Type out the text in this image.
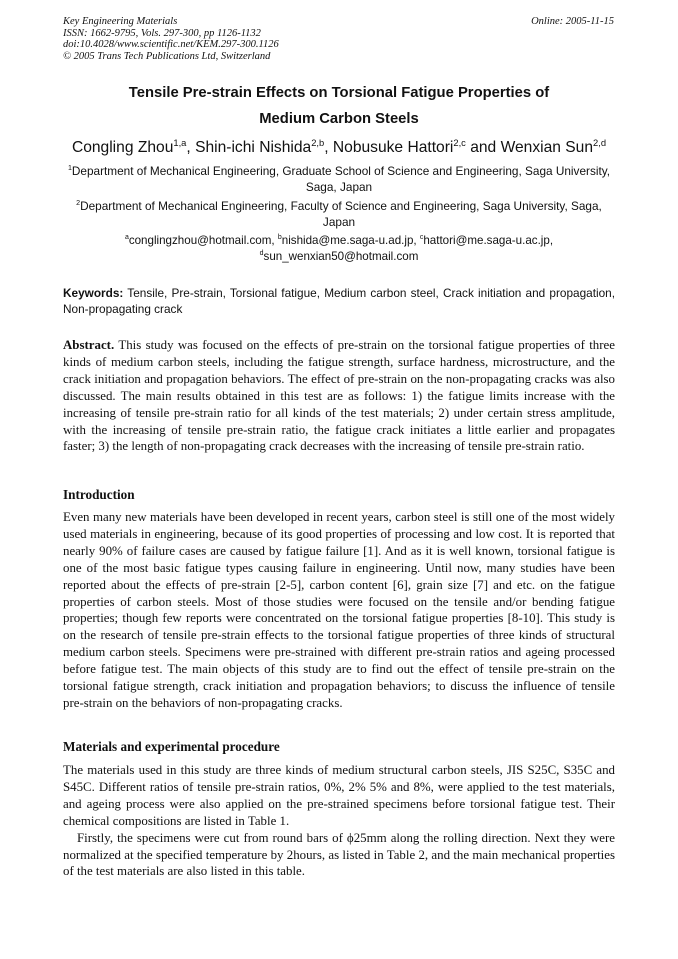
Key Engineering Materials
ISSN: 1662-9795, Vols. 297-300, pp 1126-1132
doi:10.4028/www.scientific.net/KEM.297-300.1126
© 2005 Trans Tech Publications Ltd, Switzerland
Online: 2005-11-15
Tensile Pre-strain Effects on Torsional Fatigue Properties of
Medium Carbon Steels
Congling Zhou$^{1,a}$, Shin-ichi Nishida$^{2,b}$, Nobusuke Hattori$^{2,c}$ and Wenxian Sun$^{2,d}$
$^1$Department of Mechanical Engineering, Graduate School of Science and Engineering, Saga University, Saga, Japan
$^2$Department of Mechanical Engineering, Faculty of Science and Engineering, Saga University, Saga, Japan
$^a$conglingzhou@hotmail.com, $^b$nishida@me.saga-u.ad.jp, $^c$hattori@me.saga-u.ac.jp,
$^d$sun_wenxian50@hotmail.com
Keywords: Tensile, Pre-strain, Torsional fatigue, Medium carbon steel, Crack initiation and propagation, Non-propagating crack
Abstract. This study was focused on the effects of pre-strain on the torsional fatigue properties of three kinds of medium carbon steels, including the fatigue strength, surface hardness, microstructure, and the crack initiation and propagation behaviors. The effect of pre-strain on the non-propagating cracks was also discussed. The main results obtained in this test are as follows: 1) the fatigue limits increase with the increasing of tensile pre-strain ratio for all kinds of the test materials; 2) under certain stress amplitude, with the increasing of tensile pre-strain ratio, the fatigue crack initiates a little earlier and propagates faster; 3) the length of non-propagating crack decreases with the increasing of tensile pre-strain ratio.
Introduction
Even many new materials have been developed in recent years, carbon steel is still one of the most widely used materials in engineering, because of its good properties of processing and low cost. It is reported that nearly 90% of failure cases are caused by fatigue failure [1]. And as it is well known, torsional fatigue is one of the most basic fatigue types causing failure in engineering. Until now, many studies have been reported about the effects of pre-strain [2-5], carbon content [6], grain size [7] and etc. on the fatigue properties of carbon steels. Most of those studies were focused on the tensile and/or bending fatigue properties; though few reports were concentrated on the torsional fatigue properties [8-10]. This study is on the research of tensile pre-strain effects to the torsional fatigue properties of three kinds of structural medium carbon steels. Specimens were pre-strained with different pre-strain ratios and ageing processed before fatigue test. The main objects of this study are to find out the effect of tensile pre-strain on the torsional fatigue strength, crack initiation and propagation behaviors; to discuss the influence of tensile pre-strain on the behaviors of non-propagating cracks.
Materials and experimental procedure

The materials used in this study are three kinds of medium structural carbon steels, JIS S25C, S35C and S45C. Different ratios of tensile pre-strain ratios, 0%, 2% 5% and 8%, were applied to the test materials, and ageing process were also applied on the pre-strained specimens before torsional fatigue test. Their chemical compositions are listed in Table 1.

Firstly, the specimens were cut from round bars of ϕ25mm along the rolling direction. Next they were normalized at the specified temperature by 2hours, as listed in Table 2, and the main mechanical properties of the test materials are also listed in this table.
